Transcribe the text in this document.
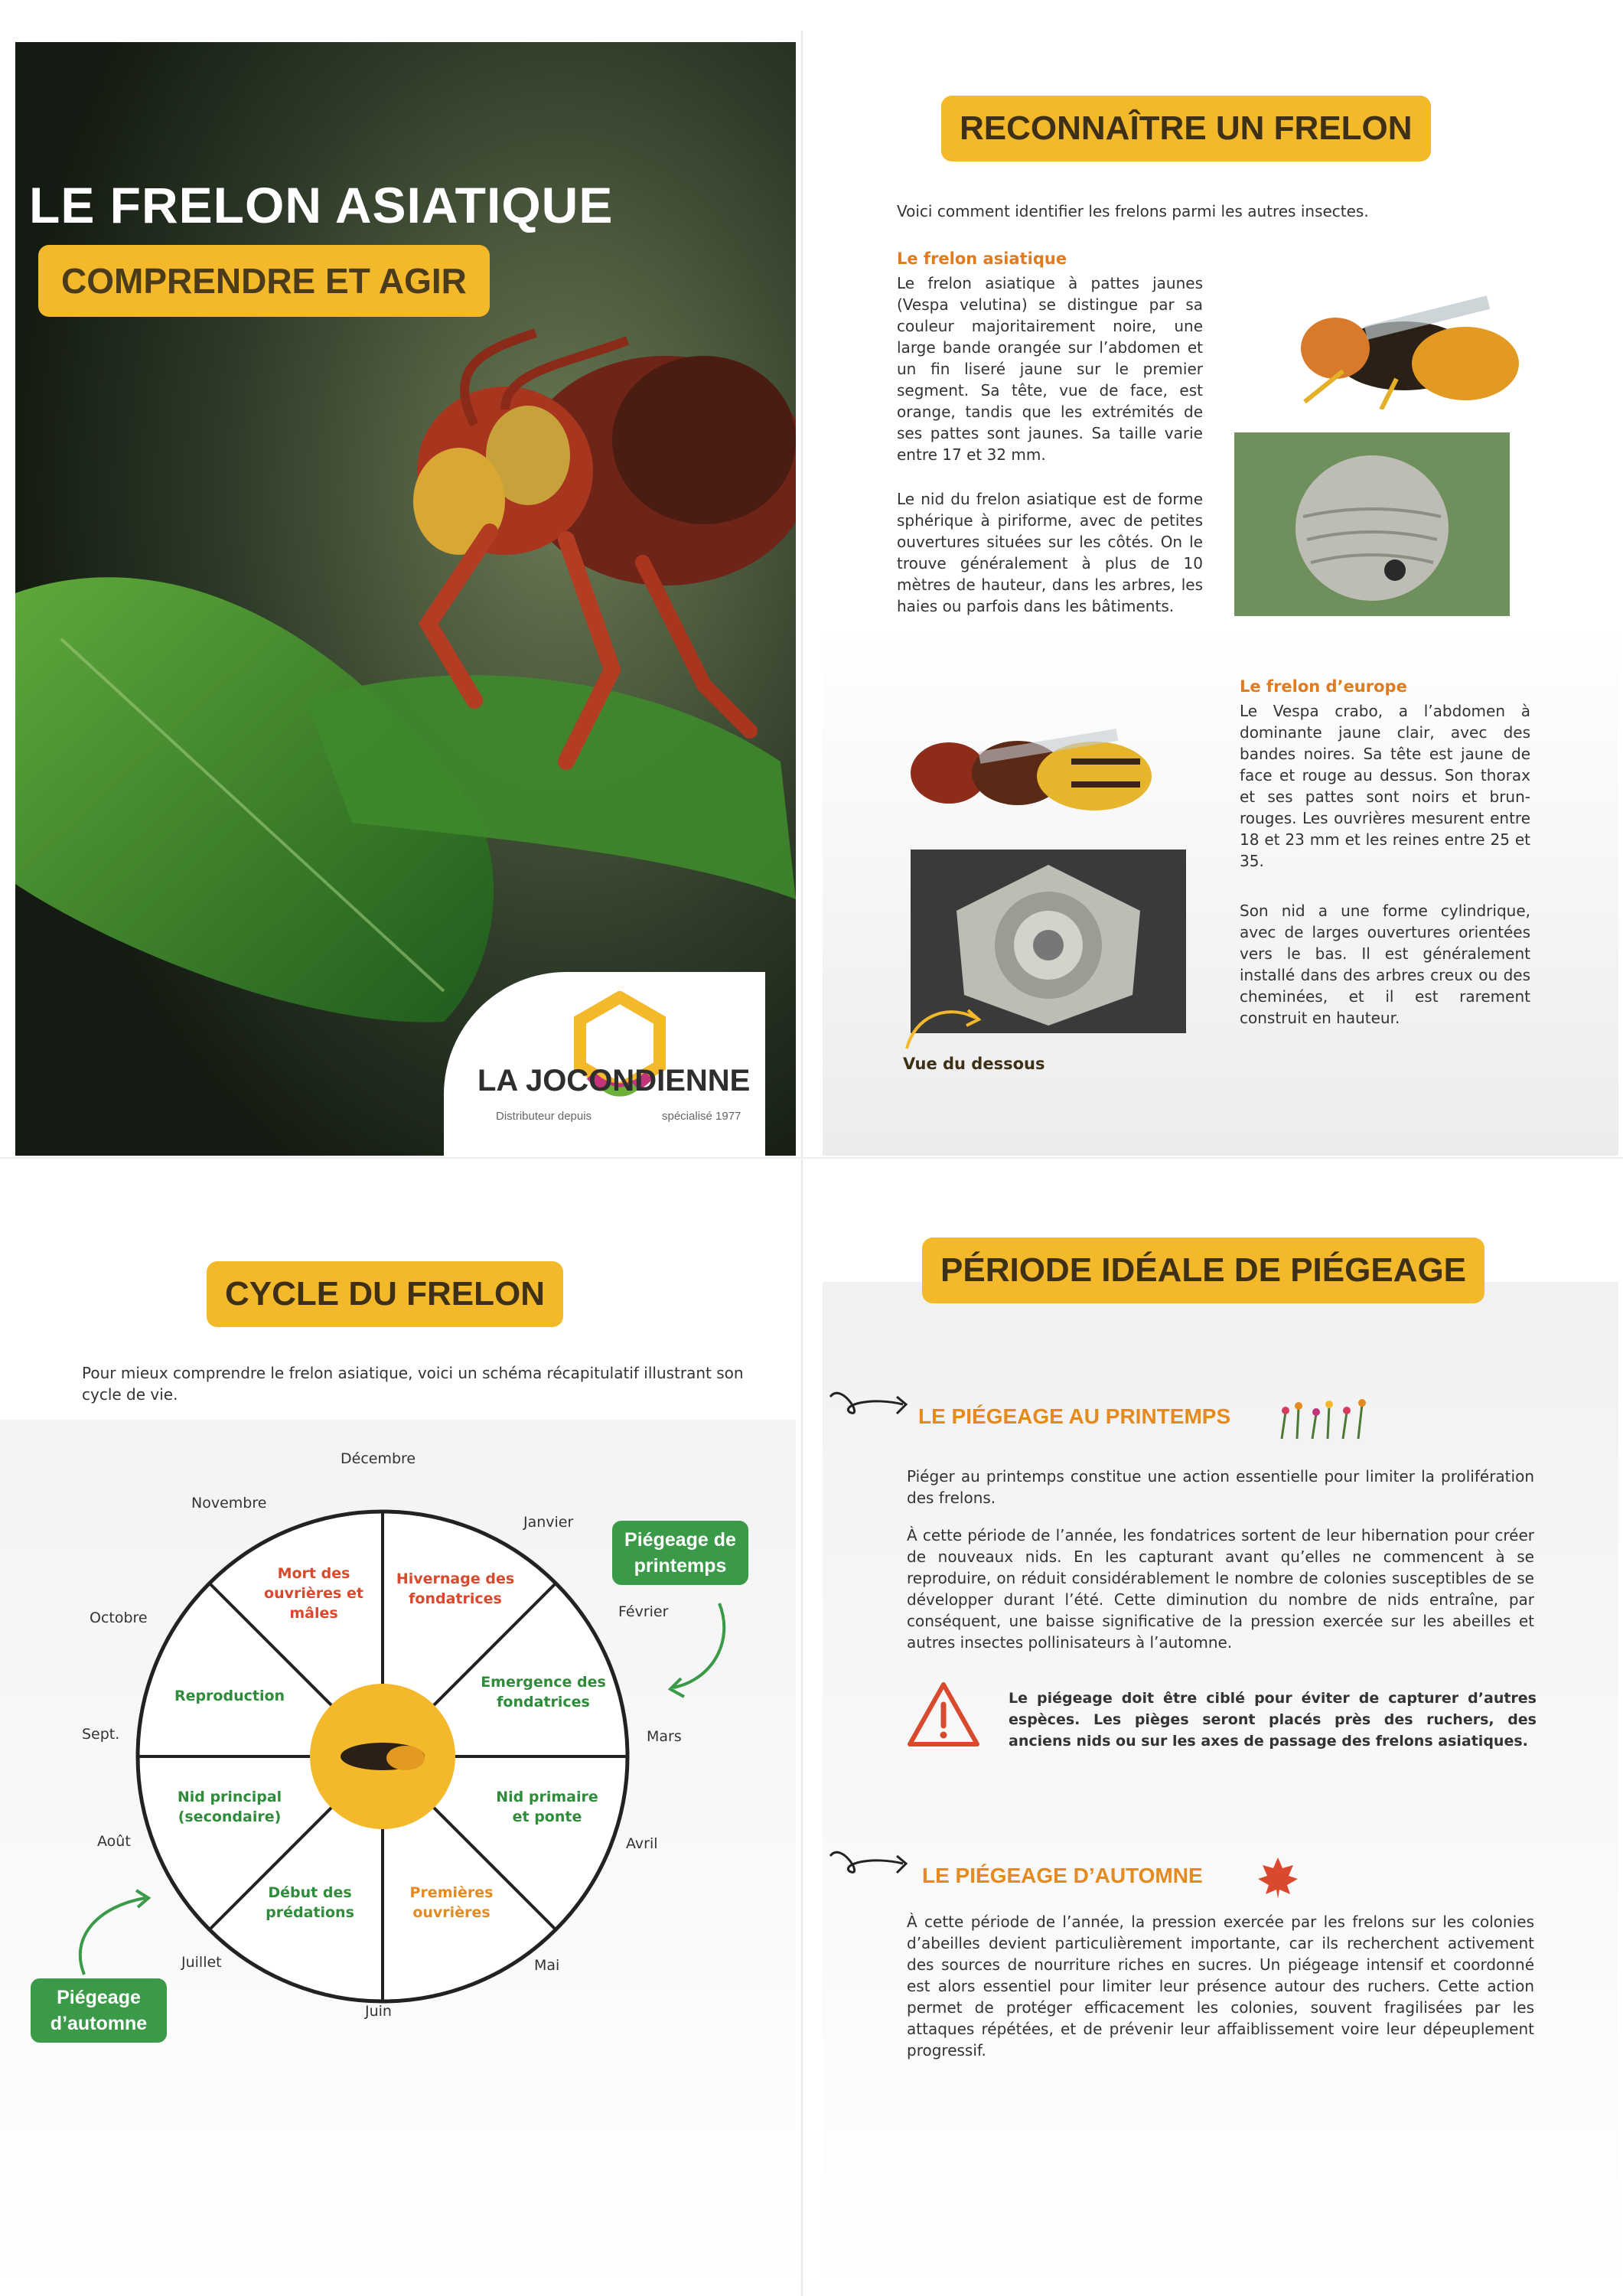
LE FRELON ASIATIQUE
COMPRENDRE ET AGIR
LA JOCONDIENNE
Distributeur depuis	spécialisé 1977
RECONNAÎTRE UN FRELON
Voici comment identifier les frelons parmi les autres insectes.
Le frelon asiatique
Le frelon asiatique à pattes jaunes (Vespa velutina) se distingue par sa couleur majoritairement noire, une large bande orangée sur l’abdomen et un fin liseré jaune sur le premier segment. Sa tête, vue de face, est orange, tandis que les extrémités de ses pattes sont jaunes. Sa taille varie entre 17 et 32 mm.
Le nid du frelon asiatique est de forme sphérique à piriforme, avec de petites ouvertures situées sur les côtés. On le trouve généralement à plus de 10 mètres de hauteur, dans les arbres, les haies ou parfois dans les bâtiments.
Le frelon d’europe
Le Vespa crabo, a l’abdomen à dominante jaune clair, avec des bandes noires. Sa tête est jaune de face et rouge au dessus. Son thorax et ses pattes sont noirs et brun-rouges. Les ouvrières mesurent entre 18 et 23 mm et les reines entre 25 et 35.
Son nid a une forme cylindrique, avec de larges ouvertures orientées vers le bas. Il est généralement installé dans des arbres creux ou des cheminées, et il est rarement construit en hauteur.
Vue du dessous
CYCLE DU FRELON
Pour mieux comprendre le frelon asiatique, voici un schéma récapitulatif illustrant son cycle de vie.
Mort des ouvrières et mâles
Hivernage des fondatrices
Emergence des fondatrices
Nid primaire et ponte
Premières ouvrières
Début des prédations
Nid principal (secondaire)
Reproduction
Décembre
Janvier
Février
Mars
Avril
Mai
Juin
Juillet
Août
Sept.
Octobre
Novembre
Piégeage de printemps
Piégeage d’automne
PÉRIODE IDÉALE DE PIÉGEAGE
LE PIÉGEAGE AU PRINTEMPS
Piéger au printemps constitue une action essentielle pour limiter la prolifération des frelons.
À cette période de l’année, les fondatrices sortent de leur hibernation pour créer de nouveaux nids. En les capturant avant qu’elles ne commencent à se reproduire, on réduit considérablement le nombre de colonies susceptibles de se développer durant l’été. Cette diminution du nombre de nids entraîne, par conséquent, une baisse significative de la pression exercée sur les abeilles et autres insectes pollinisateurs à l’automne.
Le piégeage doit être ciblé pour éviter de capturer d’autres espèces. Les pièges seront placés près des ruchers, des anciens nids ou sur les axes de passage des frelons asiatiques.
LE PIÉGEAGE D’AUTOMNE
À cette période de l’année, la pression exercée par les frelons sur les colonies d’abeilles devient particulièrement importante, car ils recherchent activement des sources de nourriture riches en sucres. Un piégeage intensif et coordonné est alors essentiel pour limiter leur présence autour des ruchers. Cette action permet de protéger efficacement les colonies, souvent fragilisées par les attaques répétées, et de prévenir leur affaiblissement voire leur dépeuplement progressif.
